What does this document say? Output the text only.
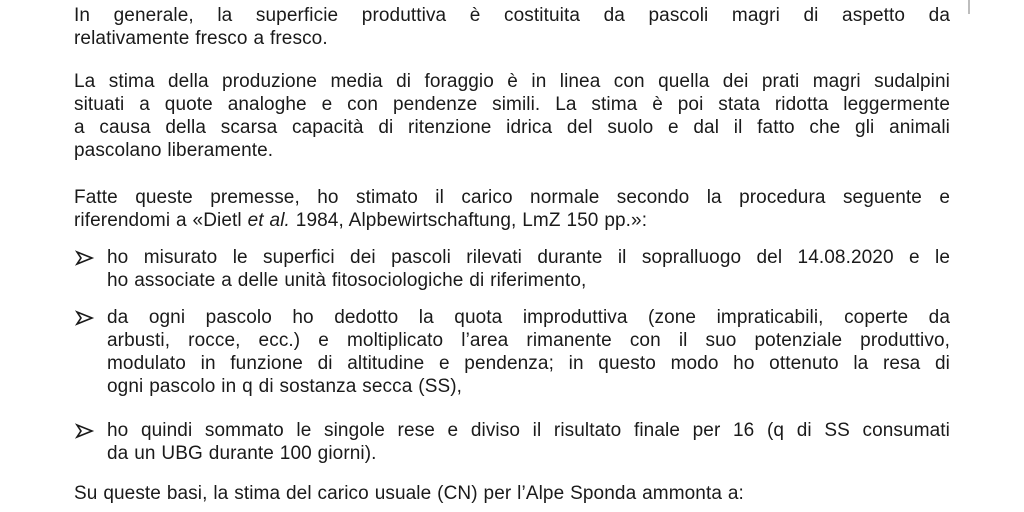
In generale, la superficie produttiva è costituita da pascoli magri di aspetto da
relativamente fresco a fresco.
La stima della produzione media di foraggio è in linea con quella dei prati magri sudalpini
situati a quote analoghe e con pendenze simili. La stima è poi stata ridotta leggermente
a causa della scarsa capacità di ritenzione idrica del suolo e dal il fatto che gli animali
pascolano liberamente.
Fatte queste premesse, ho stimato il carico normale secondo la procedura seguente e
riferendomi a «Dietl et al. 1984, Alpbewirtschaftung, LmZ 150 pp.»:
ho misurato le superfici dei pascoli rilevati durante il sopralluogo del 14.08.2020 e le
ho associate a delle unità fitosociologiche di riferimento,
da ogni pascolo ho dedotto la quota improduttiva (zone impraticabili, coperte da
arbusti, rocce, ecc.) e moltiplicato l’area rimanente con il suo potenziale produttivo,
modulato in funzione di altitudine e pendenza; in questo modo ho ottenuto la resa di
ogni pascolo in q di sostanza secca (SS),
ho quindi sommato le singole rese e diviso il risultato finale per 16 (q di SS consumati
da un UBG durante 100 giorni).
Su queste basi, la stima del carico usuale (CN) per l’Alpe Sponda ammonta a:
